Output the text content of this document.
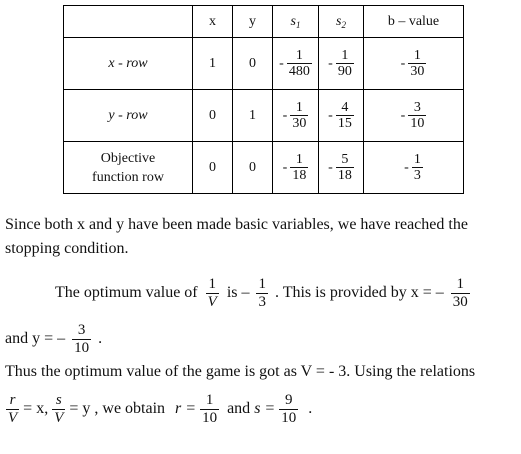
	x	y	$s_1$	$s_2$	b – value
x - row	1	0	- $\frac{1}{480}$	- $\frac{1}{90}$	- $\frac{1}{30}$

y - row	0	1	- $\frac{1}{30}$	- $\frac{4}{15}$	- $\frac{3}{10}$

Objective
function row	0	0	- $\frac{1}{18}$	- $\frac{5}{18}$	- $\frac{1}{3}$
Since both x and y have been made basic variables, we have reached the
stopping condition.
The optimum value of $\frac{1}{V}$ is – $\frac{1}{3}$ . This is provided by x = – $\frac{1}{30}$
and y = – $\frac{3}{10}$ .
Thus the optimum value of the game is got as V = - 3. Using the relations
$\frac{r}{V} = x$, $\frac{s}{V} = y$ , we obtain $r = \frac{1}{10}$ and $s = \frac{9}{10}$ .
